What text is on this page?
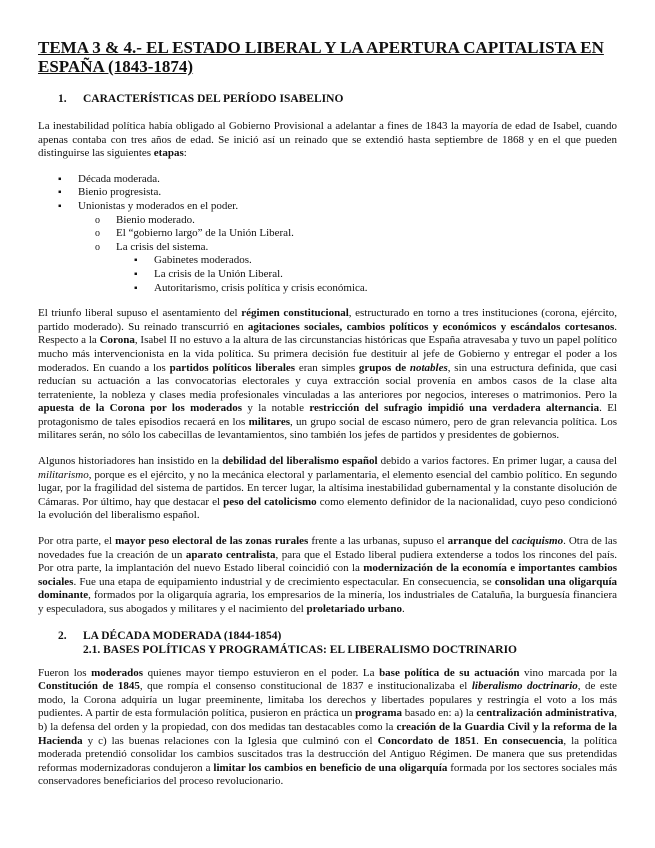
TEMA 3 & 4.- EL ESTADO LIBERAL Y LA APERTURA CAPITALISTA EN ESPAÑA (1843-1874)
1.	CARACTERÍSTICAS DEL PERÍODO ISABELINO

La inestabilidad política había obligado al Gobierno Provisional a adelantar a fines de 1843 la mayoría de edad de Isabel, cuando apenas contaba con tres años de edad. Se inició así un reinado que se extendió hasta septiembre de 1868 y en el que pueden distinguirse las siguientes etapas:

▪ Década moderada.
▪ Bienio progresista.
▪ Unionistas y moderados en el poder.
o Bienio moderado.
o El “gobierno largo” de la Unión Liberal.
o La crisis del sistema.
▪ Gabinetes moderados.
▪ La crisis de la Unión Liberal.
▪ Autoritarismo, crisis política y crisis económica.

El triunfo liberal supuso el asentamiento del régimen constitucional, estructurado en torno a tres instituciones (corona, ejército, partido moderado). Su reinado transcurrió en agitaciones sociales, cambios políticos y económicos y escándalos cortesanos. Respecto a la Corona, Isabel II no estuvo a la altura de las circunstancias históricas que España atravesaba y tuvo un papel político mucho más intervencionista en la vida política. Su primera decisión fue destituir al jefe de Gobierno y entregar el poder a los moderados. En cuando a los partidos políticos liberales eran simples grupos de notables, sin una estructura definida, que casi reducían su actuación a las convocatorias electorales y cuya extracción social provenía en ambos casos de la clase alta terrateniente, la nobleza y clases media profesionales vinculadas a las anteriores por negocios, intereses o matrimonios. Pero la apuesta de la Corona por los moderados y la notable restricción del sufragio impidió una verdadera alternancia. El protagonismo de tales episodios recaerá en los militares, un grupo social de escaso número, pero de gran relevancia política. Los militares serán, no sólo los cabecillas de levantamientos, sino también los jefes de partidos y presidentes de gobiernos.

Algunos historiadores han insistido en la debilidad del liberalismo español debido a varios factores. En primer lugar, a causa del militarismo, porque es el ejército, y no la mecánica electoral y parlamentaria, el elemento esencial del cambio político. En segundo lugar, por la fragilidad del sistema de partidos. En tercer lugar, la altísima inestabilidad gubernamental y la constante disolución de Cámaras. Por último, hay que destacar el peso del catolicismo como elemento definidor de la nacionalidad, cuyo peso condicionó la evolución del liberalismo español.

Por otra parte, el mayor peso electoral de las zonas rurales frente a las urbanas, supuso el arranque del caciquismo. Otra de las novedades fue la creación de un aparato centralista, para que el Estado liberal pudiera extenderse a todos los rincones del país. Por otra parte, la implantación del nuevo Estado liberal coincidió con la modernización de la economía e importantes cambios sociales. Fue una etapa de equipamiento industrial y de crecimiento espectacular. En consecuencia, se consolidan una oligarquía dominante, formados por la oligarquía agraria, los empresarios de la minería, los industriales de Cataluña, la burguesía financiera y especuladora, sus abogados y militares y el nacimiento del proletariado urbano.

2.	LA DÉCADA MODERADA (1844-1854)
2.1. BASES POLÍTICAS Y PROGRAMÁTICAS: EL LIBERALISMO DOCTRINARIO

Fueron los moderados quienes mayor tiempo estuvieron en el poder. La base política de su actuación vino marcada por la Constitución de 1845, que rompía el consenso constitucional de 1837 e institucionalizaba el liberalismo doctrinario, de este modo, la Corona adquiría un lugar preeminente, limitaba los derechos y libertades populares y restringía el voto a los más pudientes. A partir de esta formulación política, pusieron en práctica un programa basado en: a) la centralización administrativa, b) la defensa del orden y la propiedad, con dos medidas tan destacables como la creación de la Guardia Civil y la reforma de la Hacienda y c) las buenas relaciones con la Iglesia que culminó con el Concordato de 1851. En consecuencia, la política moderada pretendió consolidar los cambios suscitados tras la destrucción del Antiguo Régimen. De manera que sus pretendidas reformas modernizadoras condujeron a limitar los cambios en beneficio de una oligarquía formada por los sectores sociales más conservadores beneficiarios del proceso revolucionario.
